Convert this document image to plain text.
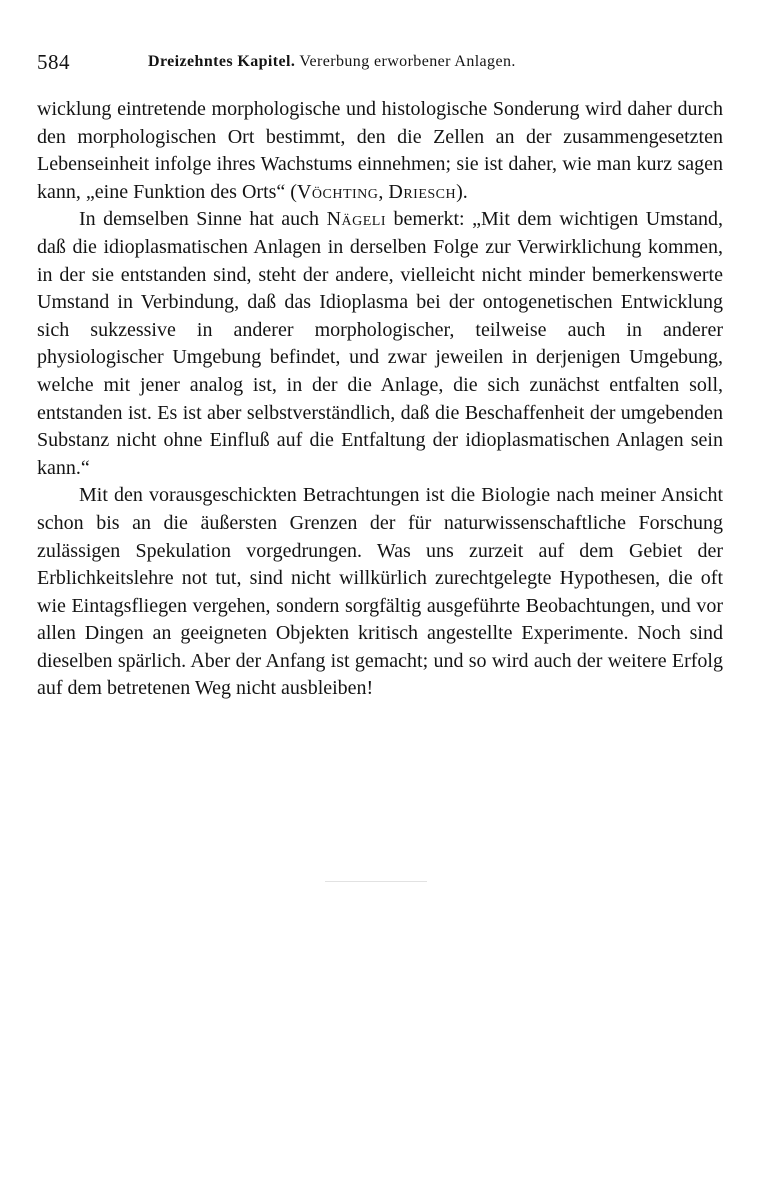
584	Dreizehntes Kapitel. Vererbung erworbener Anlagen.

wicklung eintretende morphologische und histologische Sonderung wird daher durch den morphologischen Ort bestimmt, den die Zellen an der zusammengesetzten Lebenseinheit infolge ihres Wachstums einnehmen; sie ist daher, wie man kurz sagen kann, „eine Funktion des Orts“ (Vöchting, Driesch).

In demselben Sinne hat auch Nägeli bemerkt: „Mit dem wichtigen Umstand, daß die idioplasmatischen Anlagen in derselben Folge zur Verwirklichung kommen, in der sie entstanden sind, steht der andere, vielleicht nicht minder bemerkenswerte Umstand in Verbindung, daß das Idioplasma bei der ontogenetischen Entwicklung sich sukzessive in anderer morphologischer, teilweise auch in anderer physiologischer Umgebung befindet, und zwar jeweilen in derjenigen Umgebung, welche mit jener analog ist, in der die Anlage, die sich zunächst entfalten soll, entstanden ist. Es ist aber selbstverständlich, daß die Beschaffenheit der umgebenden Substanz nicht ohne Einfluß auf die Entfaltung der idioplasmatischen Anlagen sein kann.“

Mit den vorausgeschickten Betrachtungen ist die Biologie nach meiner Ansicht schon bis an die äußersten Grenzen der für naturwissenschaftliche Forschung zulässigen Spekulation vorgedrungen. Was uns zurzeit auf dem Gebiet der Erblichkeitslehre not tut, sind nicht willkürlich zurechtgelegte Hypothesen, die oft wie Eintagsfliegen vergehen, sondern sorgfältig ausgeführte Beobachtungen, und vor allen Dingen an geeigneten Objekten kritisch angestellte Experimente. Noch sind dieselben spärlich. Aber der Anfang ist gemacht; und so wird auch der weitere Erfolg auf dem betretenen Weg nicht ausbleiben!
